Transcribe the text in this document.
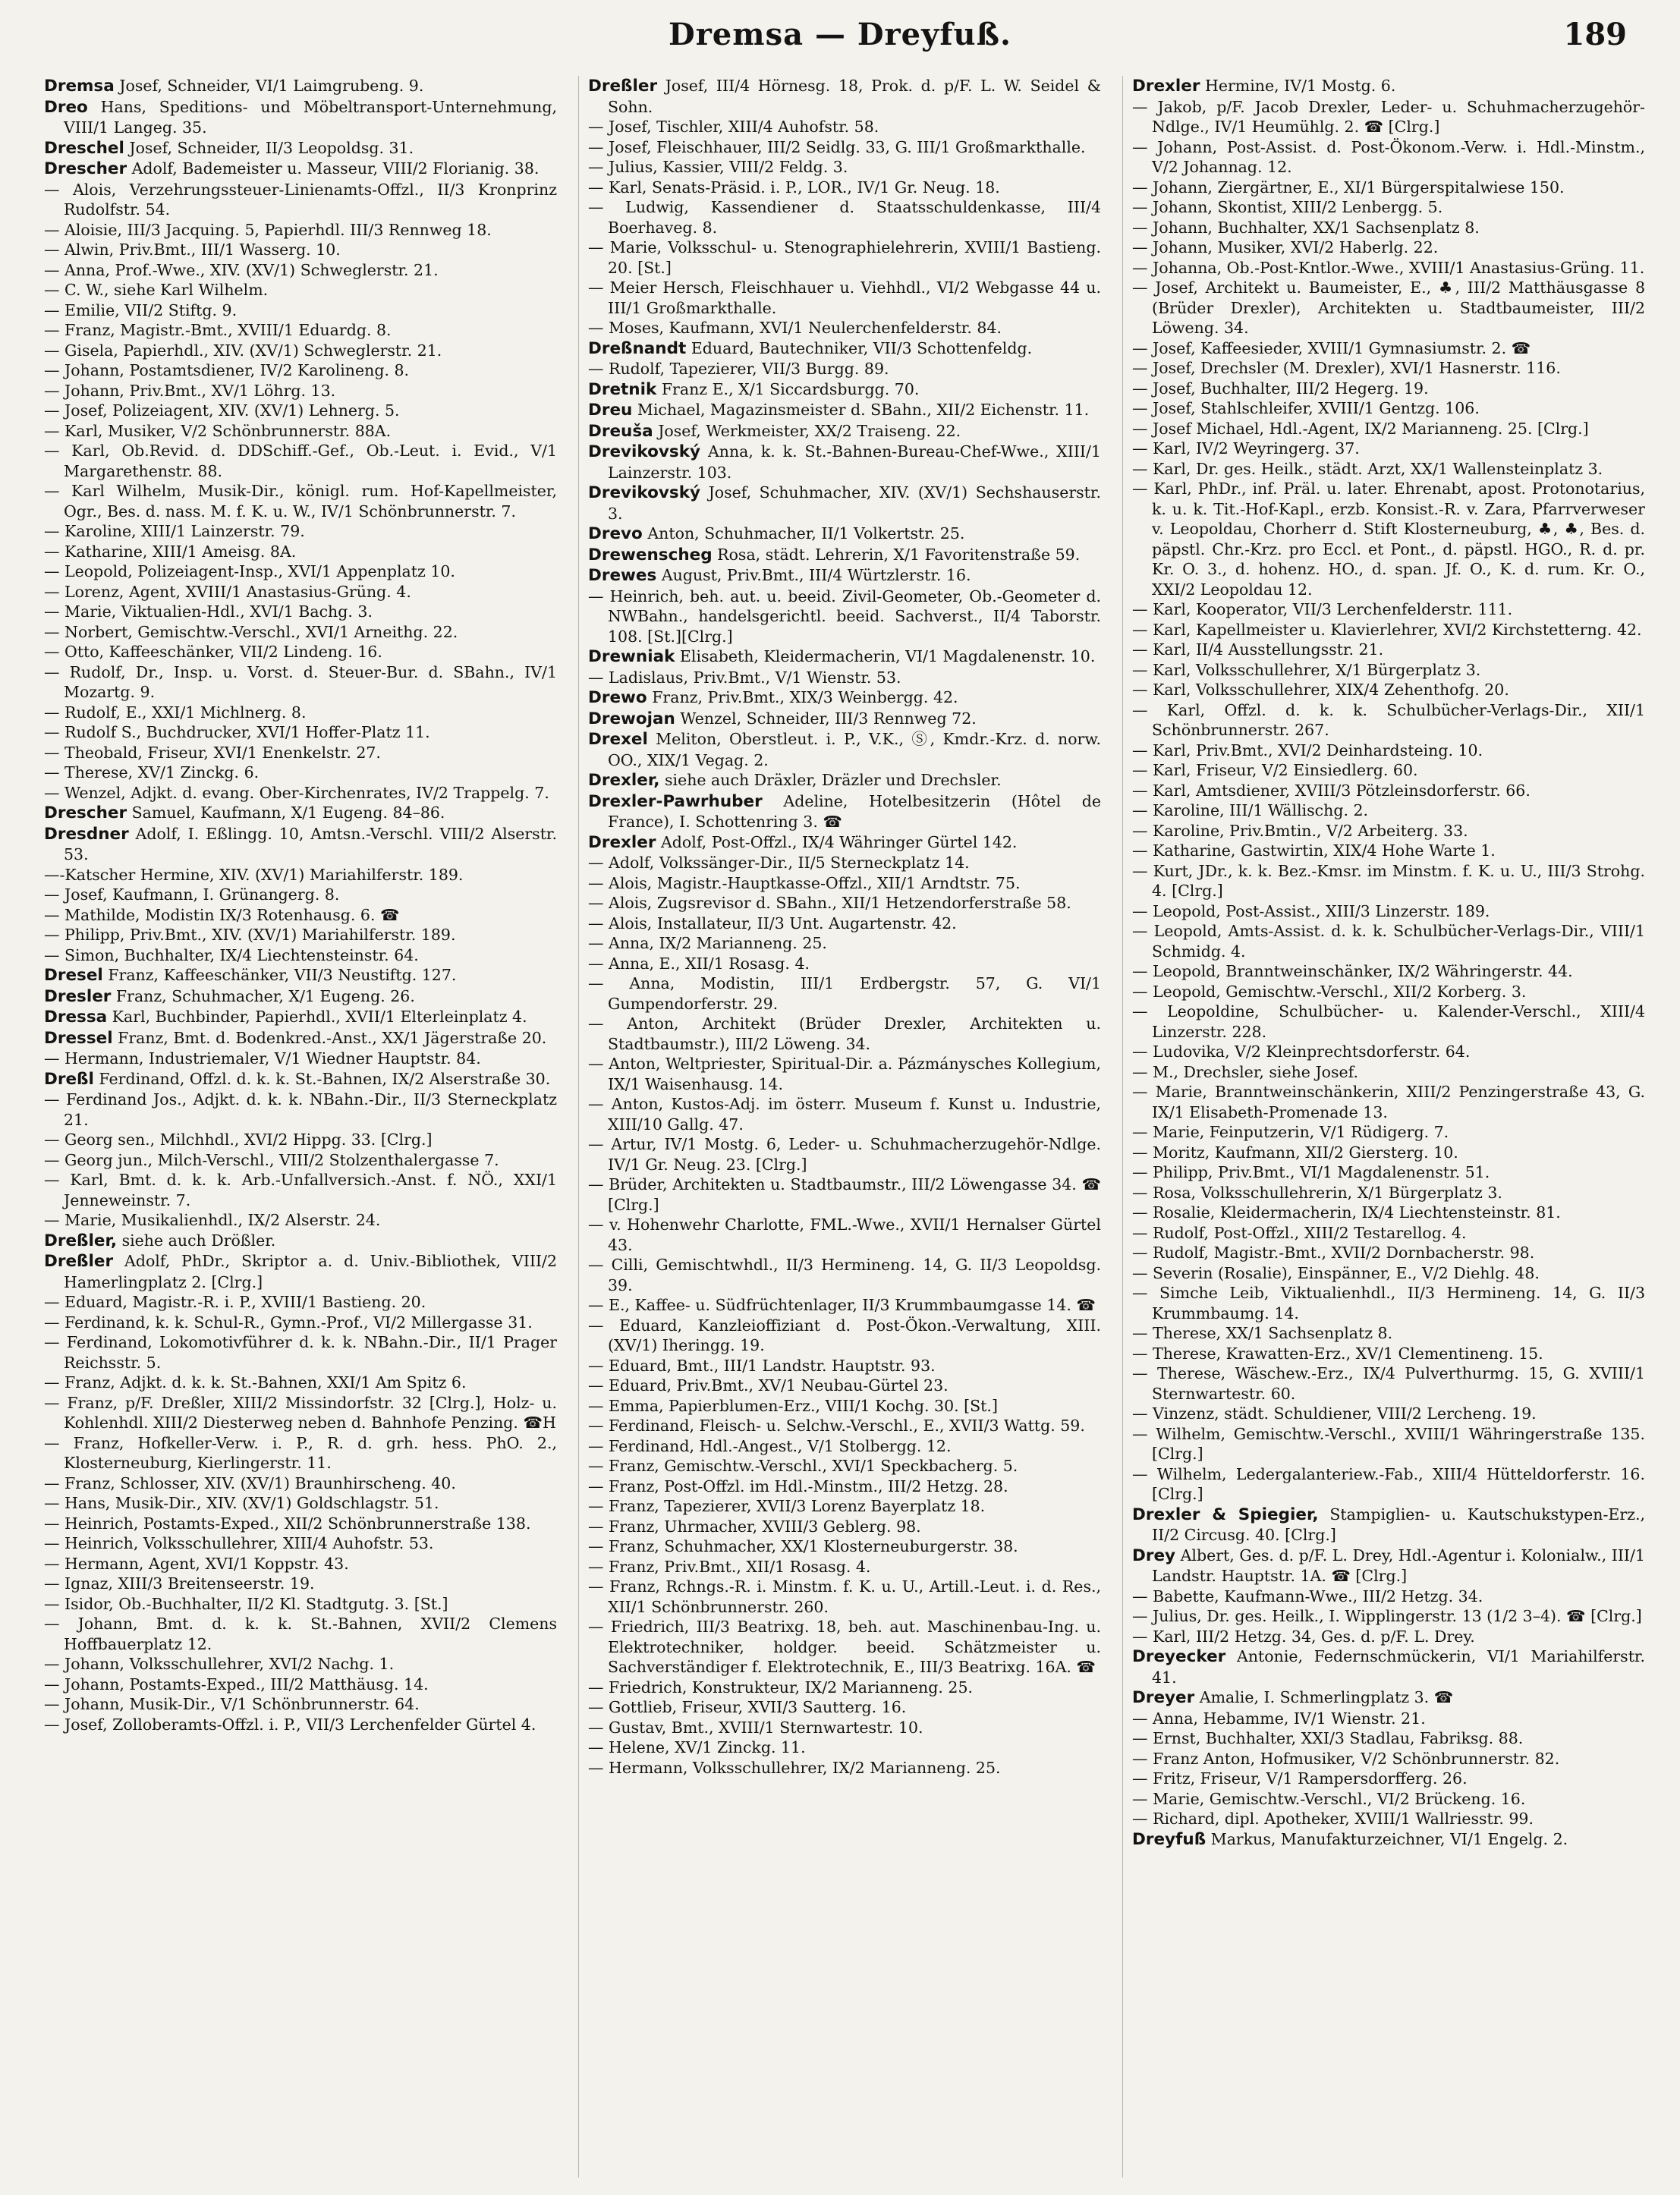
Dremsa — Dreyfuß.	189

Dremsa Josef, Schneider, VI/1 Laimgrubeng. 9.

Dreo Hans, Speditions- und Möbeltransport-Unternehmung, VIII/1 Langeg. 35.

Dreschel Josef, Schneider, II/3 Leopoldsg. 31.

Drescher Adolf, Bademeister u. Masseur, VIII/2 Florianig. 38.

— Alois, Verzehrungssteuer-Linienamts-Offzl., II/3 Kronprinz Rudolfstr. 54.

— Aloisie, III/3 Jacquing. 5, Papierhdl. III/3 Rennweg 18.

— Alwin, Priv.Bmt., III/1 Wasserg. 10.

— Anna, Prof.-Wwe., XIV. (XV/1) Schweglerstr. 21.

— C. W., siehe Karl Wilhelm.

— Emilie, VII/2 Stiftg. 9.

— Franz, Magistr.-Bmt., XVIII/1 Eduardg. 8.

— Gisela, Papierhdl., XIV. (XV/1) Schweglerstr. 21.

— Johann, Postamtsdiener, IV/2 Karolineng. 8.

— Johann, Priv.Bmt., XV/1 Löhrg. 13.

— Josef, Polizeiagent, XIV. (XV/1) Lehnerg. 5.

— Karl, Musiker, V/2 Schönbrunnerstr. 88A.

— Karl, Ob.Revid. d. DDSchiff.-Gef., Ob.-Leut. i. Evid., V/1 Margarethenstr. 88.

— Karl Wilhelm, Musik-Dir., königl. rum. Hof-Kapellmeister, Ogr., Bes. d. nass. M. f. K. u. W., IV/1 Schönbrunnerstr. 7.

— Karoline, XIII/1 Lainzerstr. 79.

— Katharine, XIII/1 Ameisg. 8A.

— Leopold, Polizeiagent-Insp., XVI/1 Appenplatz 10.

— Lorenz, Agent, XVIII/1 Anastasius-Grüng. 4.

— Marie, Viktualien-Hdl., XVI/1 Bachg. 3.

— Norbert, Gemischtw.-Verschl., XVI/1 Arneithg. 22.

— Otto, Kaffeeschänker, VII/2 Lindeng. 16.

— Rudolf, Dr., Insp. u. Vorst. d. Steuer-Bur. d. SBahn., IV/1 Mozartg. 9.

— Rudolf, E., XXI/1 Michlnerg. 8.

— Rudolf S., Buchdrucker, XVI/1 Hoffer-Platz 11.

— Theobald, Friseur, XVI/1 Enenkelstr. 27.

— Therese, XV/1 Zinckg. 6.

— Wenzel, Adjkt. d. evang. Ober-Kirchenrates, IV/2 Trappelg. 7.

Drescher Samuel, Kaufmann, X/1 Eugeng. 84–86.

Dresdner Adolf, I. Eßlingg. 10, Amtsn.-Verschl. VIII/2 Alserstr. 53.

—-Katscher Hermine, XIV. (XV/1) Mariahilferstr. 189.

— Josef, Kaufmann, I. Grünangerg. 8.

— Mathilde, Modistin IX/3 Rotenhausg. 6. ☎

— Philipp, Priv.Bmt., XIV. (XV/1) Mariahilferstr. 189.

— Simon, Buchhalter, IX/4 Liechtensteinstr. 64.

Dresel Franz, Kaffeeschänker, VII/3 Neustiftg. 127.

Dresler Franz, Schuhmacher, X/1 Eugeng. 26.

Dressa Karl, Buchbinder, Papierhdl., XVII/1 Elterleinplatz 4.

Dressel Franz, Bmt. d. Bodenkred.-Anst., XX/1 Jägerstraße 20.

— Hermann, Industriemaler, V/1 Wiedner Hauptstr. 84.

Dreßl Ferdinand, Offzl. d. k. k. St.-Bahnen, IX/2 Alserstraße 30.

— Ferdinand Jos., Adjkt. d. k. k. NBahn.-Dir., II/3 Sterneckplatz 21.

— Georg sen., Milchhdl., XVI/2 Hippg. 33. [Clrg.]

— Georg jun., Milch-Verschl., VIII/2 Stolzenthalergasse 7.

— Karl, Bmt. d. k. k. Arb.-Unfallversich.-Anst. f. NÖ., XXI/1 Jenneweinstr. 7.

— Marie, Musikalienhdl., IX/2 Alserstr. 24.

Dreßler, siehe auch Drößler.

Dreßler Adolf, PhDr., Skriptor a. d. Univ.-Bibliothek, VIII/2 Hamerlingplatz 2. [Clrg.]

— Eduard, Magistr.-R. i. P., XVIII/1 Bastieng. 20.

— Ferdinand, k. k. Schul-R., Gymn.-Prof., VI/2 Millergasse 31.

— Ferdinand, Lokomotivführer d. k. k. NBahn.-Dir., II/1 Prager Reichsstr. 5.

— Franz, Adjkt. d. k. k. St.-Bahnen, XXI/1 Am Spitz 6.

— Franz, p/F. Dreßler, XIII/2 Missindorfstr. 32 [Clrg.], Holz- u. Kohlenhdl. XIII/2 Diesterweg neben d. Bahnhofe Penzing. ☎H

— Franz, Hofkeller-Verw. i. P., R. d. grh. hess. PhO. 2., Klosterneuburg, Kierlingerstr. 11.

— Franz, Schlosser, XIV. (XV/1) Braunhirscheng. 40.

— Hans, Musik-Dir., XIV. (XV/1) Goldschlagstr. 51.

— Heinrich, Postamts-Exped., XII/2 Schönbrunnerstraße 138.

— Heinrich, Volksschullehrer, XIII/4 Auhofstr. 53.

— Hermann, Agent, XVI/1 Koppstr. 43.

— Ignaz, XIII/3 Breitenseerstr. 19.

— Isidor, Ob.-Buchhalter, II/2 Kl. Stadtgutg. 3. [St.]

— Johann, Bmt. d. k. k. St.-Bahnen, XVII/2 Clemens Hoffbauerplatz 12.

— Johann, Volksschullehrer, XVI/2 Nachg. 1.

— Johann, Postamts-Exped., III/2 Matthäusg. 14.

— Johann, Musik-Dir., V/1 Schönbrunnerstr. 64.

— Josef, Zolloberamts-Offzl. i. P., VII/3 Lerchenfelder Gürtel 4.

Dreßler Josef, III/4 Hörnesg. 18, Prok. d. p/F. L. W. Seidel & Sohn.

— Josef, Tischler, XIII/4 Auhofstr. 58.

— Josef, Fleischhauer, III/2 Seidlg. 33, G. III/1 Großmarkthalle.

— Julius, Kassier, VIII/2 Feldg. 3.

— Karl, Senats-Präsid. i. P., LOR., IV/1 Gr. Neug. 18.

— Ludwig, Kassendiener d. Staatsschuldenkasse, III/4 Boerhaveg. 8.

— Marie, Volksschul- u. Stenographielehrerin, XVIII/1 Bastieng. 20. [St.]

— Meier Hersch, Fleischhauer u. Viehhdl., VI/2 Webgasse 44 u. III/1 Großmarkthalle.

— Moses, Kaufmann, XVI/1 Neulerchenfelderstr. 84.

Dreßnandt Eduard, Bautechniker, VII/3 Schottenfeldg.

— Rudolf, Tapezierer, VII/3 Burgg. 89.

Dretnik Franz E., X/1 Siccardsburgg. 70.

Dreu Michael, Magazinsmeister d. SBahn., XII/2 Eichenstr. 11.

Dreuša Josef, Werkmeister, XX/2 Traiseng. 22.

Drevikovský Anna, k. k. St.-Bahnen-Bureau-Chef-Wwe., XIII/1 Lainzerstr. 103.

Drevikovský Josef, Schuhmacher, XIV. (XV/1) Sechshauserstr. 3.

Drevo Anton, Schuhmacher, II/1 Volkertstr. 25.

Drewenscheg Rosa, städt. Lehrerin, X/1 Favoritenstraße 59.

Drewes August, Priv.Bmt., III/4 Würtzlerstr. 16.

— Heinrich, beh. aut. u. beeid. Zivil-Geometer, Ob.-Geometer d. NWBahn., handelsgerichtl. beeid. Sachverst., II/4 Taborstr. 108. [St.][Clrg.]

Drewniak Elisabeth, Kleidermacherin, VI/1 Magdalenenstr. 10.

— Ladislaus, Priv.Bmt., V/1 Wienstr. 53.

Drewo Franz, Priv.Bmt., XIX/3 Weinbergg. 42.

Drewojan Wenzel, Schneider, III/3 Rennweg 72.

Drexel Meliton, Oberstleut. i. P., V.K., Ⓢ, Kmdr.-Krz. d. norw. OO., XIX/1 Vegag. 2.

Drexler, siehe auch Dräxler, Dräzler und Drechsler.

Drexler-Pawrhuber Adeline, Hotelbesitzerin (Hôtel de France), I. Schottenring 3. ☎

Drexler Adolf, Post-Offzl., IX/4 Währinger Gürtel 142.

— Adolf, Volkssänger-Dir., II/5 Sterneckplatz 14.

— Alois, Magistr.-Hauptkasse-Offzl., XII/1 Arndtstr. 75.

— Alois, Zugsrevisor d. SBahn., XII/1 Hetzendorferstraße 58.

— Alois, Installateur, II/3 Unt. Augartenstr. 42.

— Anna, IX/2 Marianneng. 25.

— Anna, E., XII/1 Rosasg. 4.

— Anna, Modistin, III/1 Erdbergstr. 57, G. VI/1 Gumpendorferstr. 29.

— Anton, Architekt (Brüder Drexler, Architekten u. Stadtbaumstr.), III/2 Löweng. 34.

— Anton, Weltpriester, Spiritual-Dir. a. Pázmánysches Kollegium, IX/1 Waisenhausg. 14.

— Anton, Kustos-Adj. im österr. Museum f. Kunst u. Industrie, XIII/10 Gallg. 47.

— Artur, IV/1 Mostg. 6, Leder- u. Schuhmacherzugehör-Ndlge. IV/1 Gr. Neug. 23. [Clrg.]

— Brüder, Architekten u. Stadtbaumstr., III/2 Löwengasse 34. ☎ [Clrg.]

— v. Hohenwehr Charlotte, FML.-Wwe., XVII/1 Hernalser Gürtel 43.

— Cilli, Gemischtwhdl., II/3 Hermineng. 14, G. II/3 Leopoldsg. 39.

— E., Kaffee- u. Südfrüchtenlager, II/3 Krummbaumgasse 14. ☎

— Eduard, Kanzleioffiziant d. Post-Ökon.-Verwaltung, XIII. (XV/1) Iheringg. 19.

— Eduard, Bmt., III/1 Landstr. Hauptstr. 93.

— Eduard, Priv.Bmt., XV/1 Neubau-Gürtel 23.

— Emma, Papierblumen-Erz., VIII/1 Kochg. 30. [St.]

— Ferdinand, Fleisch- u. Selchw.-Verschl., E., XVII/3 Wattg. 59.

— Ferdinand, Hdl.-Angest., V/1 Stolbergg. 12.

— Franz, Gemischtw.-Verschl., XVI/1 Speckbacherg. 5.

— Franz, Post-Offzl. im Hdl.-Minstm., III/2 Hetzg. 28.

— Franz, Tapezierer, XVII/3 Lorenz Bayerplatz 18.

— Franz, Uhrmacher, XVIII/3 Geblerg. 98.

— Franz, Schuhmacher, XX/1 Klosterneuburgerstr. 38.

— Franz, Priv.Bmt., XII/1 Rosasg. 4.

— Franz, Rchngs.-R. i. Minstm. f. K. u. U., Artill.-Leut. i. d. Res., XII/1 Schönbrunnerstr. 260.

— Friedrich, III/3 Beatrixg. 18, beh. aut. Maschinenbau-Ing. u. Elektrotechniker, holdger. beeid. Schätzmeister u. Sachverständiger f. Elektrotechnik, E., III/3 Beatrixg. 16A. ☎

— Friedrich, Konstrukteur, IX/2 Marianneng. 25.

— Gottlieb, Friseur, XVII/3 Sautterg. 16.

— Gustav, Bmt., XVIII/1 Sternwartestr. 10.

— Helene, XV/1 Zinckg. 11.

— Hermann, Volksschullehrer, IX/2 Marianneng. 25.

Drexler Hermine, IV/1 Mostg. 6.

— Jakob, p/F. Jacob Drexler, Leder- u. Schuhmacherzugehör-Ndlge., IV/1 Heumühlg. 2. ☎ [Clrg.]

— Johann, Post-Assist. d. Post-Ökonom.-Verw. i. Hdl.-Minstm., V/2 Johannag. 12.

— Johann, Ziergärtner, E., XI/1 Bürgerspitalwiese 150.

— Johann, Skontist, XIII/2 Lenbergg. 5.

— Johann, Buchhalter, XX/1 Sachsenplatz 8.

— Johann, Musiker, XVI/2 Haberlg. 22.

— Johanna, Ob.-Post-Kntlor.-Wwe., XVIII/1 Anastasius-Grüng. 11.

— Josef, Architekt u. Baumeister, E., ♣, III/2 Matthäusgasse 8 (Brüder Drexler), Architekten u. Stadtbaumeister, III/2 Löweng. 34.

— Josef, Kaffeesieder, XVIII/1 Gymnasiumstr. 2. ☎

— Josef, Drechsler (M. Drexler), XVI/1 Hasnerstr. 116.

— Josef, Buchhalter, III/2 Hegerg. 19.

— Josef, Stahlschleifer, XVIII/1 Gentzg. 106.

— Josef Michael, Hdl.-Agent, IX/2 Marianneng. 25. [Clrg.]

— Karl, IV/2 Weyringerg. 37.

— Karl, Dr. ges. Heilk., städt. Arzt, XX/1 Wallensteinplatz 3.

— Karl, PhDr., inf. Präl. u. later. Ehrenabt, apost. Protonotarius, k. u. k. Tit.-Hof-Kapl., erzb. Konsist.-R. v. Zara, Pfarrverweser v. Leopoldau, Chorherr d. Stift Klosterneuburg, ♣, ♣, Bes. d. päpstl. Chr.-Krz. pro Eccl. et Pont., d. päpstl. HGO., R. d. pr. Kr. O. 3., d. hohenz. HO., d. span. Jf. O., K. d. rum. Kr. O., XXI/2 Leopoldau 12.

— Karl, Kooperator, VII/3 Lerchenfelderstr. 111.

— Karl, Kapellmeister u. Klavierlehrer, XVI/2 Kirchstetterng. 42.

— Karl, II/4 Ausstellungsstr. 21.

— Karl, Volksschullehrer, X/1 Bürgerplatz 3.

— Karl, Volksschullehrer, XIX/4 Zehenthofg. 20.

— Karl, Offzl. d. k. k. Schulbücher-Verlags-Dir., XII/1 Schönbrunnerstr. 267.

— Karl, Priv.Bmt., XVI/2 Deinhardsteing. 10.

— Karl, Friseur, V/2 Einsiedlerg. 60.

— Karl, Amtsdiener, XVIII/3 Pötzleinsdorferstr. 66.

— Karoline, III/1 Wällischg. 2.

— Karoline, Priv.Bmtin., V/2 Arbeiterg. 33.

— Katharine, Gastwirtin, XIX/4 Hohe Warte 1.

— Kurt, JDr., k. k. Bez.-Kmsr. im Minstm. f. K. u. U., III/3 Strohg. 4. [Clrg.]

— Leopold, Post-Assist., XIII/3 Linzerstr. 189.

— Leopold, Amts-Assist. d. k. k. Schulbücher-Verlags-Dir., VIII/1 Schmidg. 4.

— Leopold, Branntweinschänker, IX/2 Währingerstr. 44.

— Leopold, Gemischtw.-Verschl., XII/2 Korberg. 3.

— Leopoldine, Schulbücher- u. Kalender-Verschl., XIII/4 Linzerstr. 228.

— Ludovika, V/2 Kleinprechtsdorferstr. 64.

— M., Drechsler, siehe Josef.

— Marie, Branntweinschänkerin, XIII/2 Penzingerstraße 43, G. IX/1 Elisabeth-Promenade 13.

— Marie, Feinputzerin, V/1 Rüdigerg. 7.

— Moritz, Kaufmann, XII/2 Giersterg. 10.

— Philipp, Priv.Bmt., VI/1 Magdalenenstr. 51.

— Rosa, Volksschullehrerin, X/1 Bürgerplatz 3.

— Rosalie, Kleidermacherin, IX/4 Liechtensteinstr. 81.

— Rudolf, Post-Offzl., XIII/2 Testarellog. 4.

— Rudolf, Magistr.-Bmt., XVII/2 Dornbacherstr. 98.

— Severin (Rosalie), Einspänner, E., V/2 Diehlg. 48.

— Simche Leib, Viktualienhdl., II/3 Hermineng. 14, G. II/3 Krummbaumg. 14.

— Therese, XX/1 Sachsenplatz 8.

— Therese, Krawatten-Erz., XV/1 Clementineng. 15.

— Therese, Wäschew.-Erz., IX/4 Pulverthurmg. 15, G. XVIII/1 Sternwartestr. 60.

— Vinzenz, städt. Schuldiener, VIII/2 Lercheng. 19.

— Wilhelm, Gemischtw.-Verschl., XVIII/1 Währingerstraße 135. [Clrg.]

— Wilhelm, Ledergalanteriew.-Fab., XIII/4 Hütteldorferstr. 16. [Clrg.]

Drexler & Spiegier, Stampiglien- u. Kautschukstypen-Erz., II/2 Circusg. 40. [Clrg.]

Drey Albert, Ges. d. p/F. L. Drey, Hdl.-Agentur i. Kolonialw., III/1 Landstr. Hauptstr. 1A. ☎ [Clrg.]

— Babette, Kaufmann-Wwe., III/2 Hetzg. 34.

— Julius, Dr. ges. Heilk., I. Wipplingerstr. 13 (1/2 3–4). ☎ [Clrg.]

— Karl, III/2 Hetzg. 34, Ges. d. p/F. L. Drey.

Dreyecker Antonie, Federnschmückerin, VI/1 Mariahilferstr. 41.

Dreyer Amalie, I. Schmerlingplatz 3. ☎

— Anna, Hebamme, IV/1 Wienstr. 21.

— Ernst, Buchhalter, XXI/3 Stadlau, Fabriksg. 88.

— Franz Anton, Hofmusiker, V/2 Schönbrunnerstr. 82.

— Fritz, Friseur, V/1 Rampersdorfferg. 26.

— Marie, Gemischtw.-Verschl., VI/2 Brückeng. 16.

— Richard, dipl. Apotheker, XVIII/1 Wallriesstr. 99.

Dreyfuß Markus, Manufakturzeichner, VI/1 Engelg. 2.
